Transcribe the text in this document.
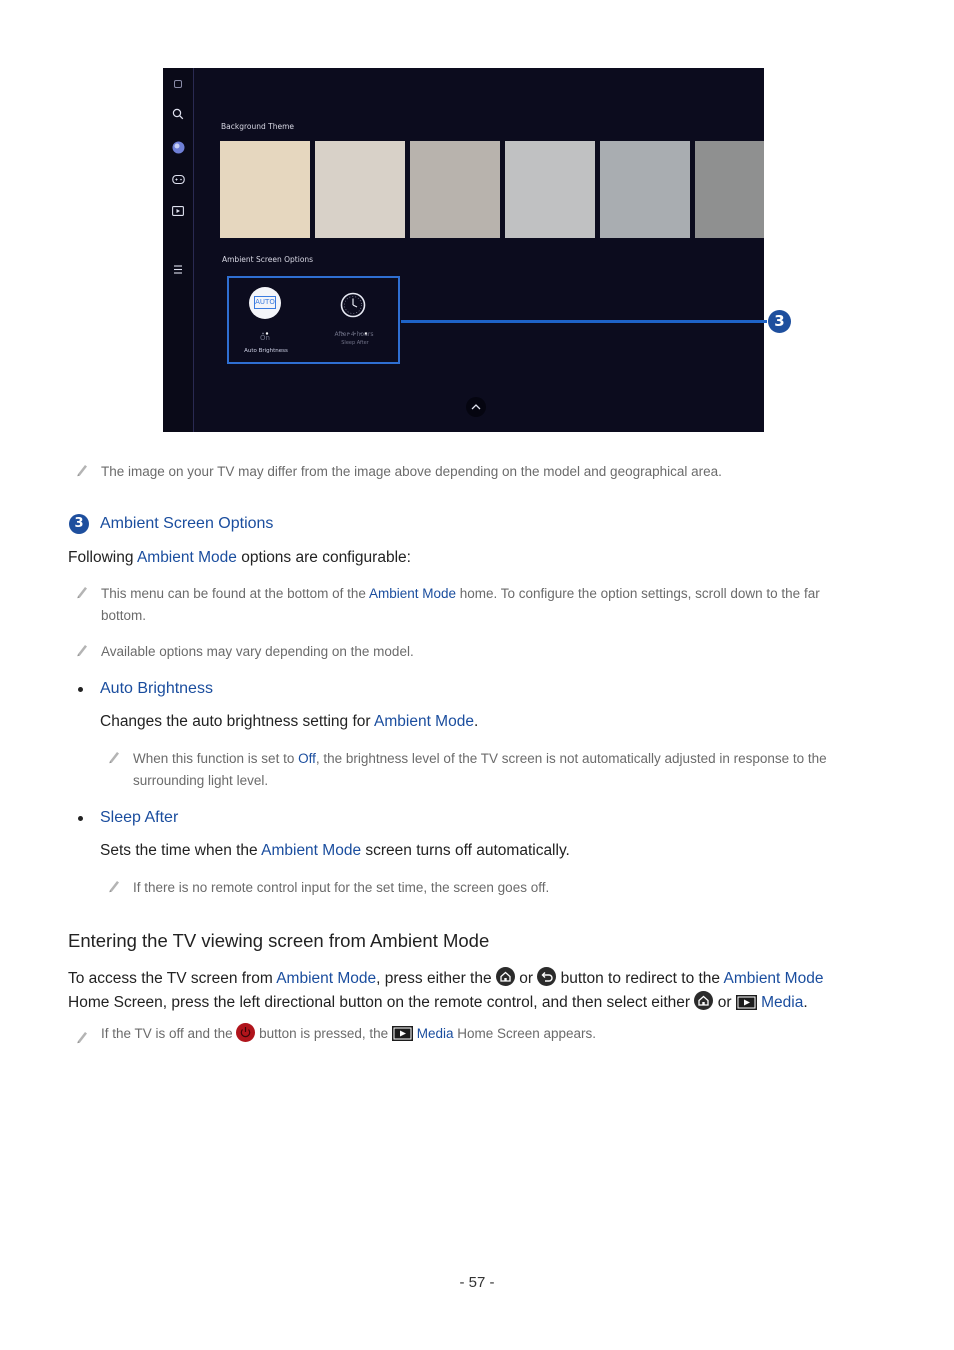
Background Theme
Ambient Screen Options
AUTO
On
Auto Brightness
After 4 hours
Sleep After
3
The image on your TV may differ from the image above depending on the model and geographical area.
3	Ambient Screen Options
Following Ambient Mode options are configurable:
This menu can be found at the bottom of the Ambient Mode home. To configure the option settings, scroll down to the far
bottom.
Available options may vary depending on the model.
Auto Brightness
Changes the auto brightness setting for Ambient Mode.
When this function is set to Off, the brightness level of the TV screen is not automatically adjusted in response to the
surrounding light level.
Sleep After
Sets the time when the Ambient Mode screen turns off automatically.
If there is no remote control input for the set time, the screen goes off.
Entering the TV viewing screen from Ambient Mode
To access the TV screen from Ambient Mode, press either the  or  button to redirect to the Ambient Mode
Home Screen, press the left directional button on the remote control, and then select either  or  Media.
If the TV is off and the  button is pressed, the  Media Home Screen appears.
- 57 -
